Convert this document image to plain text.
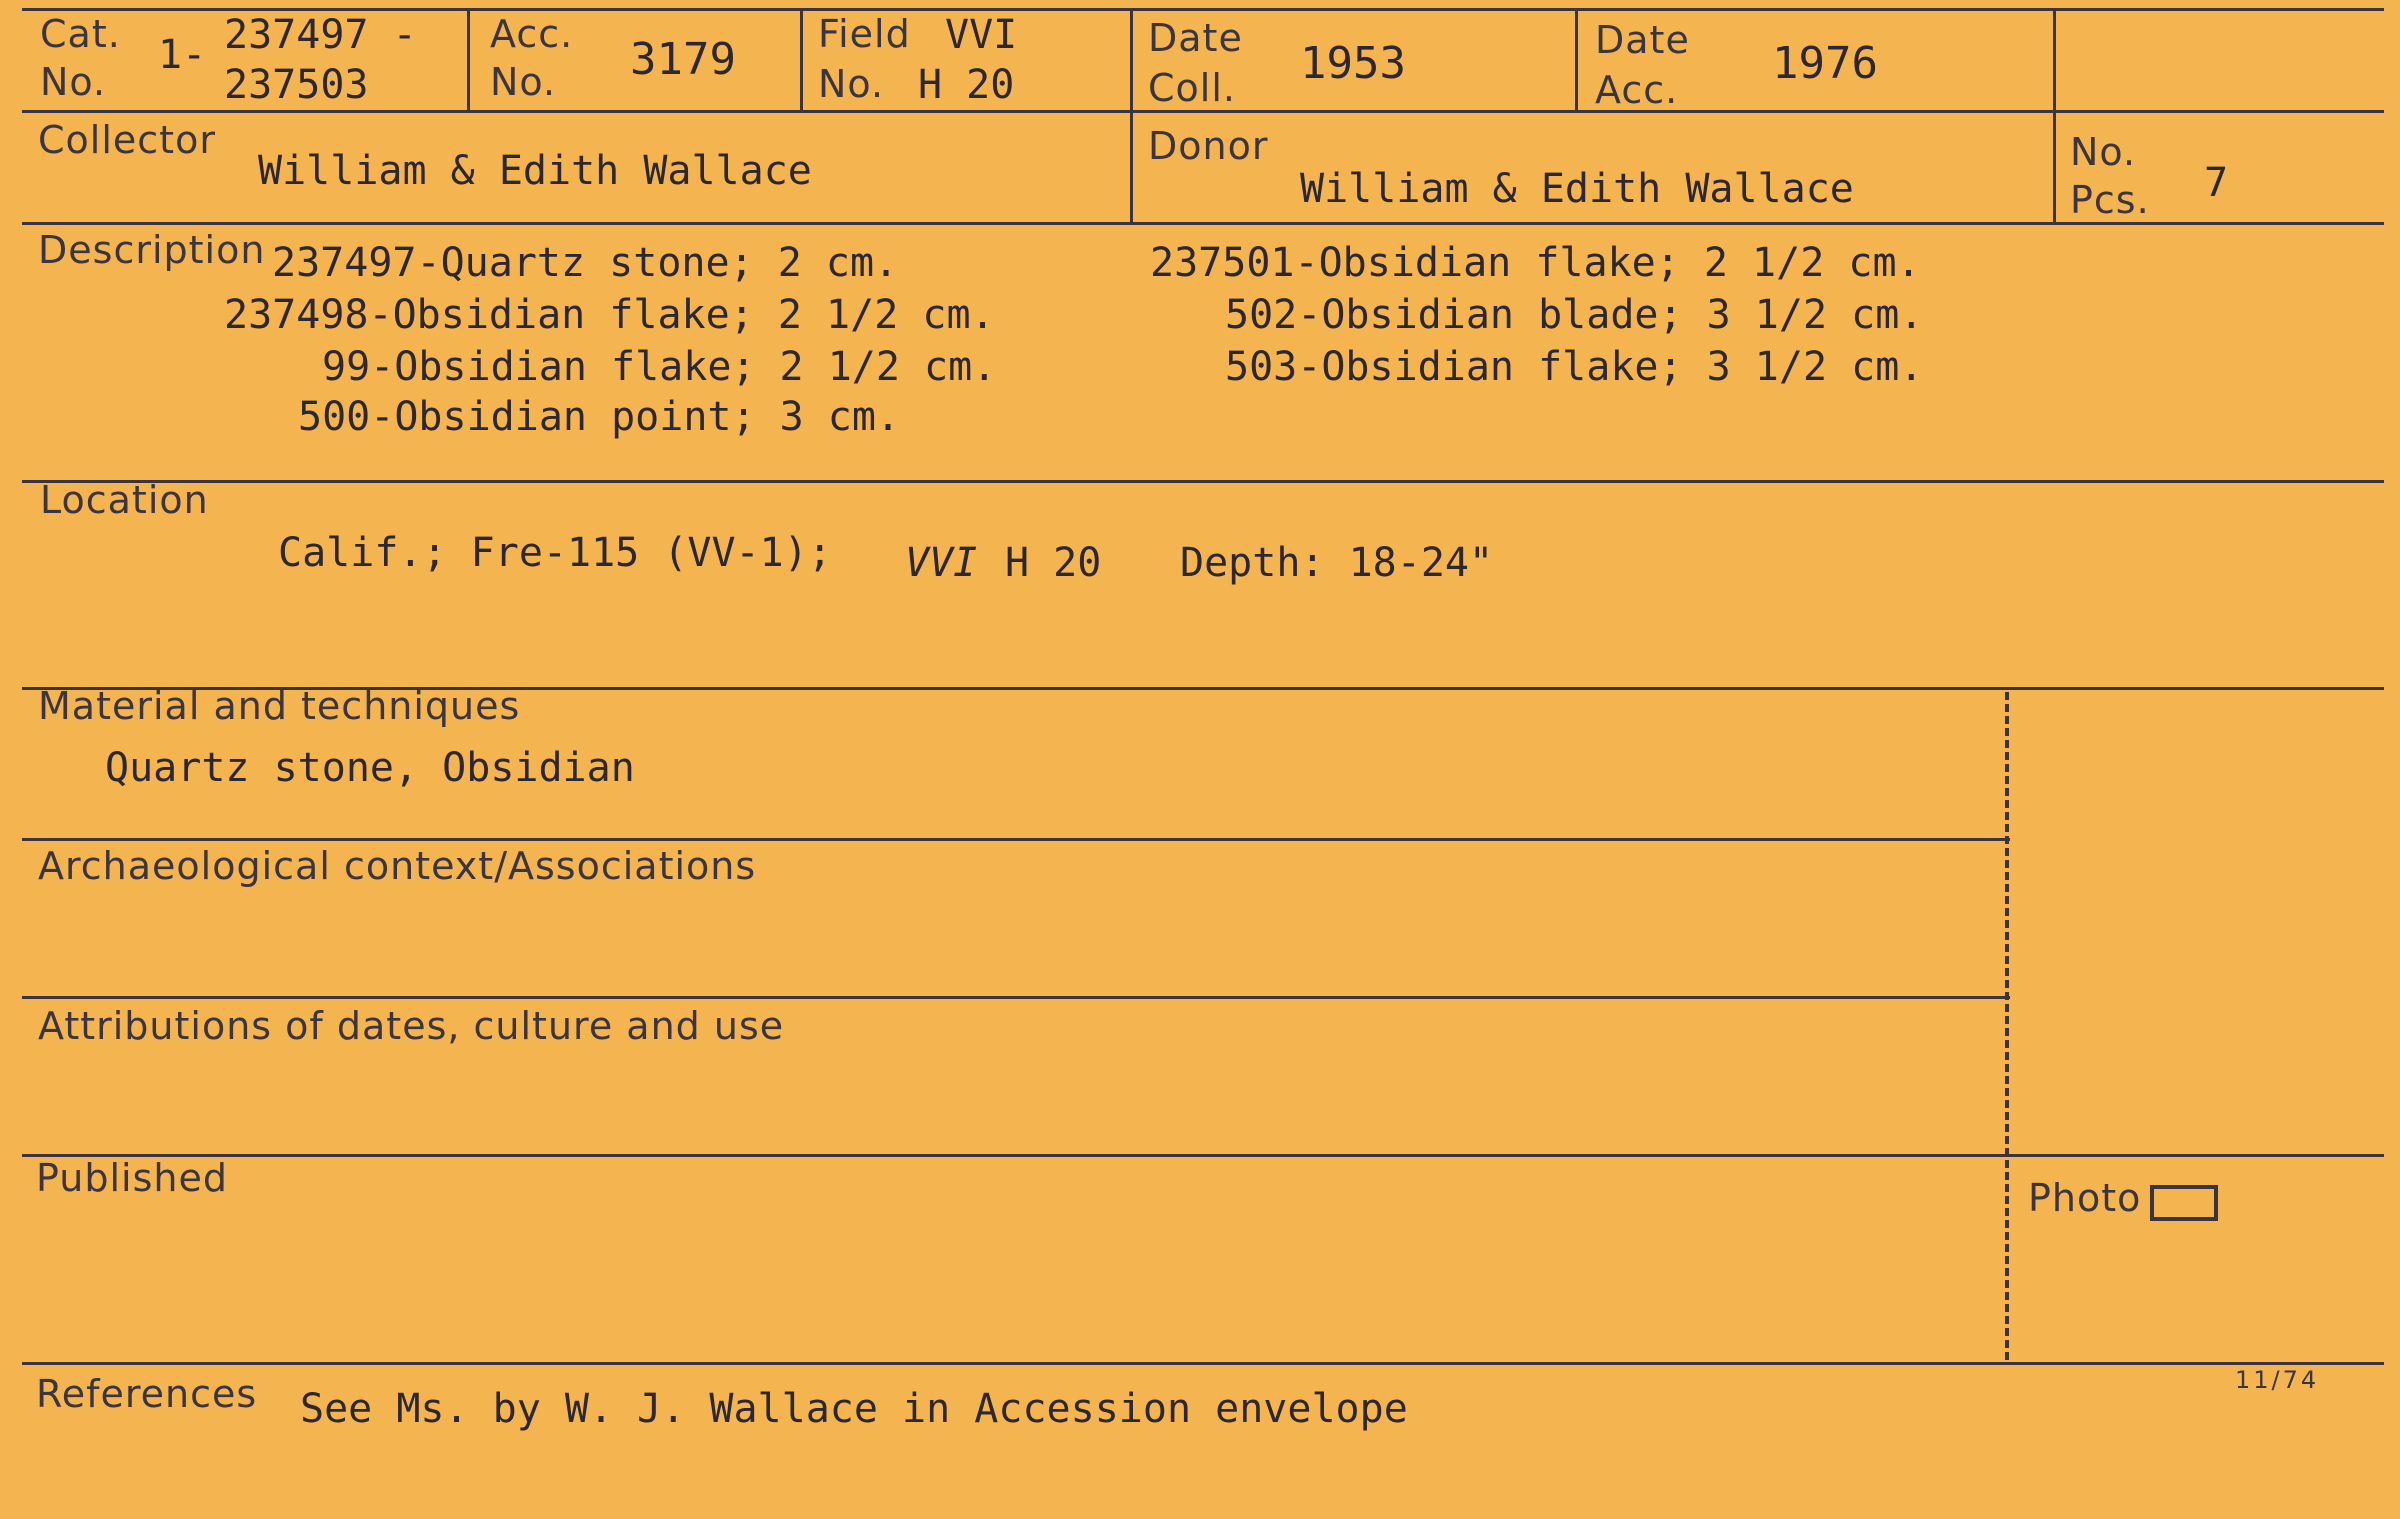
Cat.
No.
1- 237497 -
237503
Acc.
No. 3179 Field
No.
VVI
H 20
Date
Coll. 1953	Date
Acc.
1976
Collector
William & Edith Wallace
Donor
William & Edith Wallace
No.
Pcs. 7
Description 237497-Quartz stone; 2 cm.
237498-Obsidian flake; 2 1/2 cm.
99-Obsidian flake; 2 1/2 cm.
500-Obsidian point; 3 cm.
237501-Obsidian flake; 2 1/2 cm.
502-Obsidian blade; 3 1/2 cm.
503-Obsidian flake; 3 1/2 cm.
Location
Calif.; Fre-115 (VV-1); VVI H 20 Depth: 18-24"
Material and techniques
Quartz stone, Obsidian
Archaeological context/Associations
Attributions of dates, culture and use
Published	Photo
References See Ms. by W. J. Wallace in Accession envelope
11/74
